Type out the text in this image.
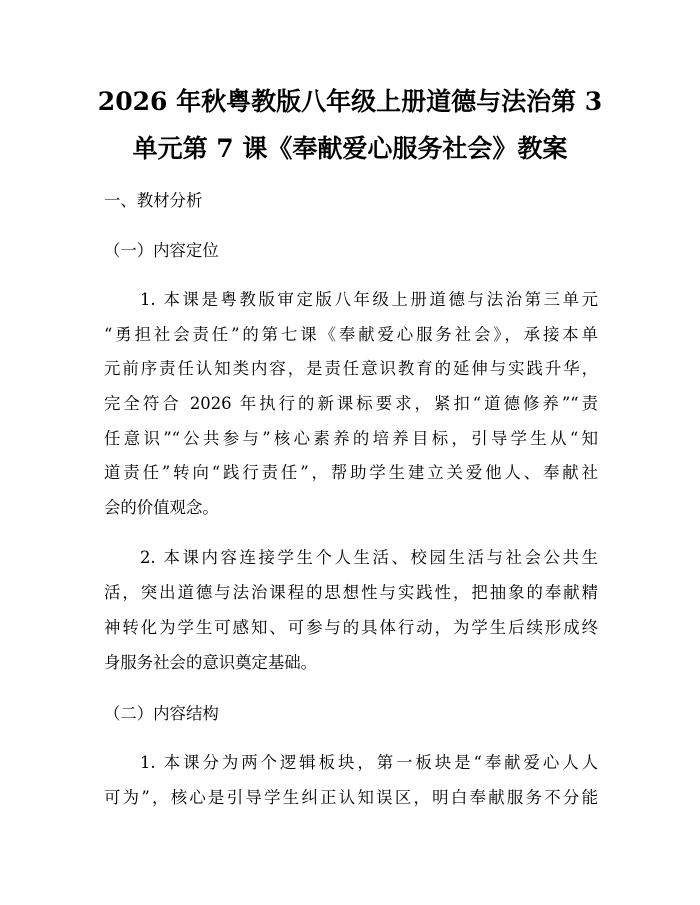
2026 年秋粤教版八年级上册道德与法治第 3
单元第 7 课《奉献爱心服务社会》教案
一、教材分析
（一）内容定位
1. 本课是粤教版审定版八年级上册道德与法治第三单元
“勇担社会责任”的第七课《奉献爱心服务社会》，承接本单
元前序责任认知类内容，是责任意识教育的延伸与实践升华，
完全符合 2026 年执行的新课标要求，紧扣“道德修养”“责
任意识”“公共参与”核心素养的培养目标，引导学生从“知
道责任”转向“践行责任”，帮助学生建立关爱他人、奉献社
会的价值观念。
2. 本课内容连接学生个人生活、校园生活与社会公共生
活，突出道德与法治课程的思想性与实践性，把抽象的奉献精
神转化为学生可感知、可参与的具体行动，为学生后续形成终
身服务社会的意识奠定基础。
（二）内容结构
1. 本课分为两个逻辑板块，第一板块是“奉献爱心人人
可为”，核心是引导学生纠正认知误区，明白奉献服务不分能
